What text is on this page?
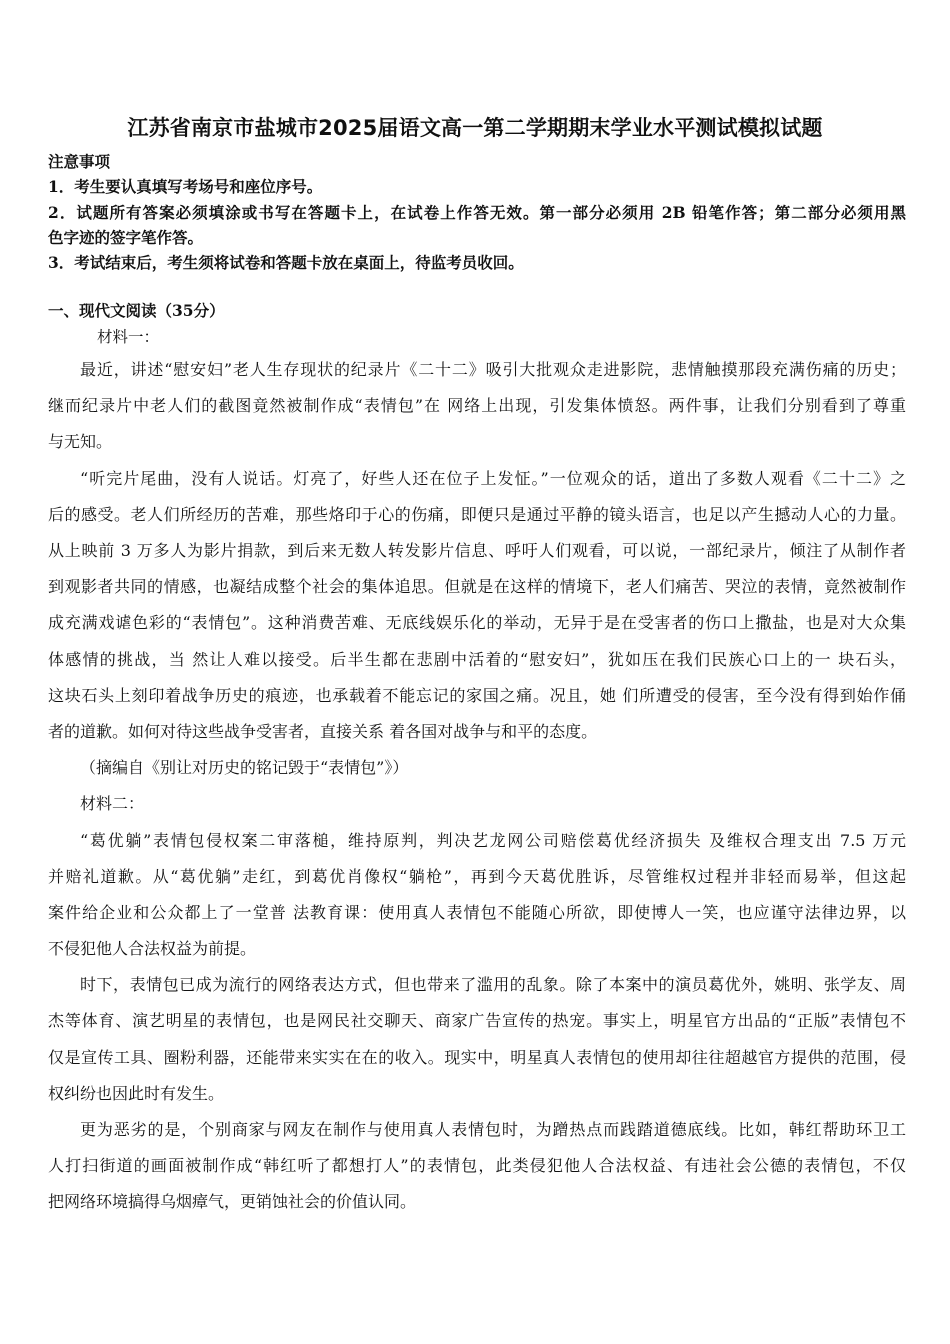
江苏省南京市盐城市2025届语文高一第二学期期末学业水平测试模拟试题
注意事项
1．考生要认真填写考场号和座位序号。
2．试题所有答案必须填涂或书写在答题卡上，在试卷上作答无效。第一部分必须用 2B 铅笔作答；第二部分必须用黑
色字迹的签字笔作答。
3．考试结束后，考生须将试卷和答题卡放在桌面上，待监考员收回。
一、现代文阅读（35分）
材料一：
最近，讲述“慰安妇”老人生存现状的纪录片《二十二》吸引大批观众走进影院，悲情触摸那段充满伤痛的历史；
继而纪录片中老人们的截图竟然被制作成“表情包”在 网络上出现，引发集体愤怒。两件事，让我们分别看到了尊重
与无知。
“听完片尾曲，没有人说话。灯亮了，好些人还在位子上发怔。”一位观众的话，道出了多数人观看《二十二》之
后的感受。老人们所经历的苦难，那些烙印于心的伤痛，即便只是通过平静的镜头语言，也足以产生撼动人心的力量。
从上映前 3 万多人为影片捐款，到后来无数人转发影片信息、呼吁人们观看，可以说，一部纪录片，倾注了从制作者
到观影者共同的情感，也凝结成整个社会的集体追思。但就是在这样的情境下，老人们痛苦、哭泣的表情，竟然被制作
成充满戏谑色彩的“表情包”。这种消费苦难、无底线娱乐化的举动，无异于是在受害者的伤口上撒盐，也是对大众集
体感情的挑战，当 然让人难以接受。后半生都在悲剧中活着的“慰安妇”，犹如压在我们民族心口上的一 块石头，
这块石头上刻印着战争历史的痕迹，也承载着不能忘记的家国之痛。况且，她 们所遭受的侵害，至今没有得到始作俑
者的道歉。如何对待这些战争受害者，直接关系 着各国对战争与和平的态度。
（摘编自《别让对历史的铭记毁于“表情包”》）
材料二：
“葛优躺”表情包侵权案二审落槌，维持原判，判决艺龙网公司赔偿葛优经济损失 及维权合理支出 7.5 万元
并赔礼道歉。从“葛优躺”走红，到葛优肖像权“躺枪”，再到今天葛优胜诉，尽管维权过程并非轻而易举，但这起
案件给企业和公众都上了一堂普 法教育课：使用真人表情包不能随心所欲，即使博人一笑，也应谨守法律边界，以
不侵犯他人合法权益为前提。
时下，表情包已成为流行的网络表达方式，但也带来了滥用的乱象。除了本案中的演员葛优外，姚明、张学友、周
杰等体育、演艺明星的表情包，也是网民社交聊天、商家广告宣传的热宠。事实上，明星官方出品的“正版”表情包不
仅是宣传工具、圈粉利器，还能带来实实在在的收入。现实中，明星真人表情包的使用却往往超越官方提供的范围，侵
权纠纷也因此时有发生。
更为恶劣的是，个别商家与网友在制作与使用真人表情包时，为蹭热点而践踏道德底线。比如，韩红帮助环卫工
人打扫街道的画面被制作成“韩红听了都想打人”的表情包，此类侵犯他人合法权益、有违社会公德的表情包，不仅
把网络环境搞得乌烟瘴气，更销蚀社会的价值认同。
